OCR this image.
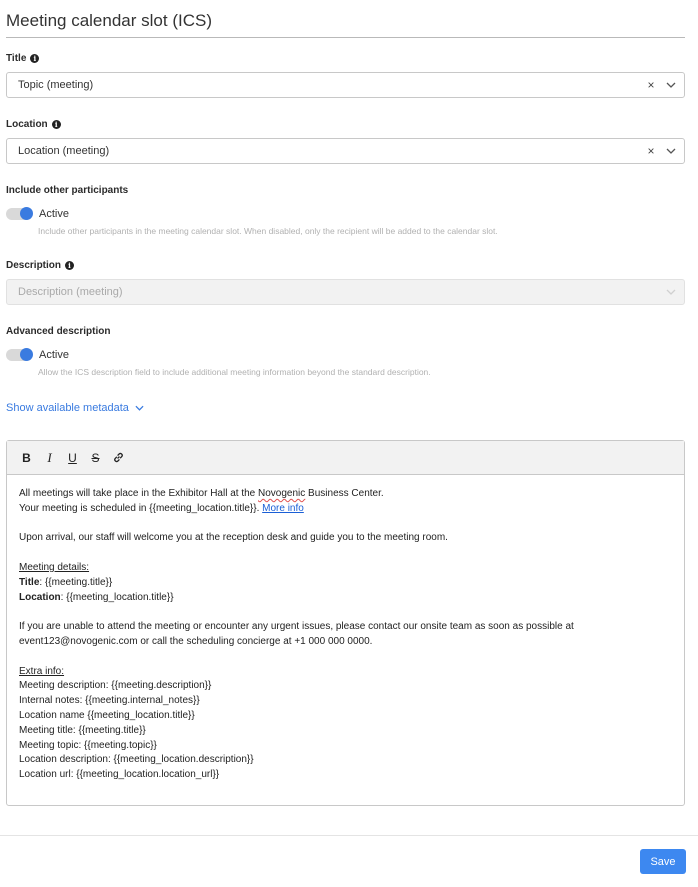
Meeting calendar slot (ICS)
Title	i
Topic (meeting)	×
Location	i
Location (meeting)	×
Include other participants
Active
Include other participants in the meeting calendar slot. When disabled, only the recipient will be added to the calendar slot.
Description	i
Description (meeting)
Advanced description
Active
Allow the ICS description field to include additional meeting information beyond the standard description.
Show available metadata
B	I	U S

All meetings will take place in the Exhibitor Hall at the Novogenic Business Center.

Your meeting is scheduled in {{meeting_location.title}}. More info

Upon arrival, our staff will welcome you at the reception desk and guide you to the meeting room.

Meeting details:

Title: {{meeting.title}}

Location: {{meeting_location.title}}

If you are unable to attend the meeting or encounter any urgent issues, please contact our onsite team as soon as possible at

event123@novogenic.com or call the scheduling concierge at +1 000 000 0000.

Extra info:

Meeting description: {{meeting.description}}

Internal notes: {{meeting.internal_notes}}

Location name {{meeting_location.title}}

Meeting title: {{meeting.title}}

Meeting topic: {{meeting.topic}}

Location description: {{meeting_location.description}}

Location url: {{meeting_location.location_url}}

Save
